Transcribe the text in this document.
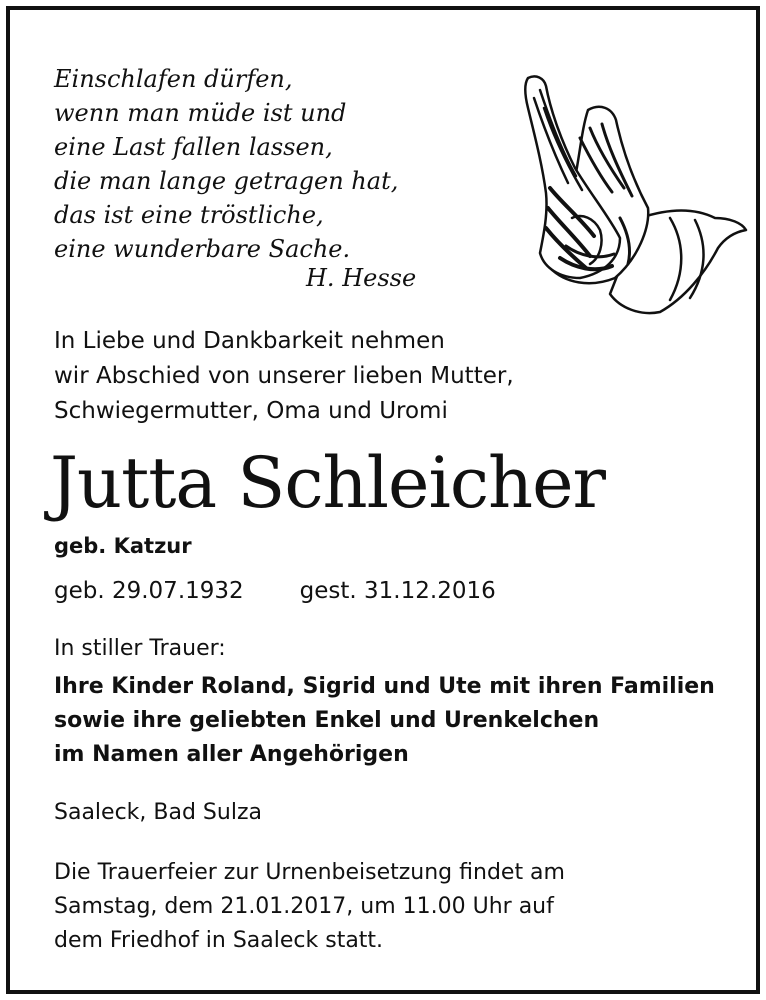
Einschlafen dürfen,
wenn man müde ist und
eine Last fallen lassen,
die man lange getragen hat,
das ist eine tröstliche,
eine wunderbare Sache.
H. Hesse
In Liebe und Dankbarkeit nehmen
wir Abschied von unserer lieben Mutter,
Schwiegermutter, Oma und Uromi
Jutta Schleicher
geb. Katzur
geb. 29.07.1932 gest. 31.12.2016
In stiller Trauer:
Ihre Kinder Roland, Sigrid und Ute mit ihren Familien
sowie ihre geliebten Enkel und Urenkelchen
im Namen aller Angehörigen
Saaleck, Bad Sulza
Die Trauerfeier zur Urnenbeisetzung findet am
Samstag, dem 21.01.2017, um 11.00 Uhr auf
dem Friedhof in Saaleck statt.
